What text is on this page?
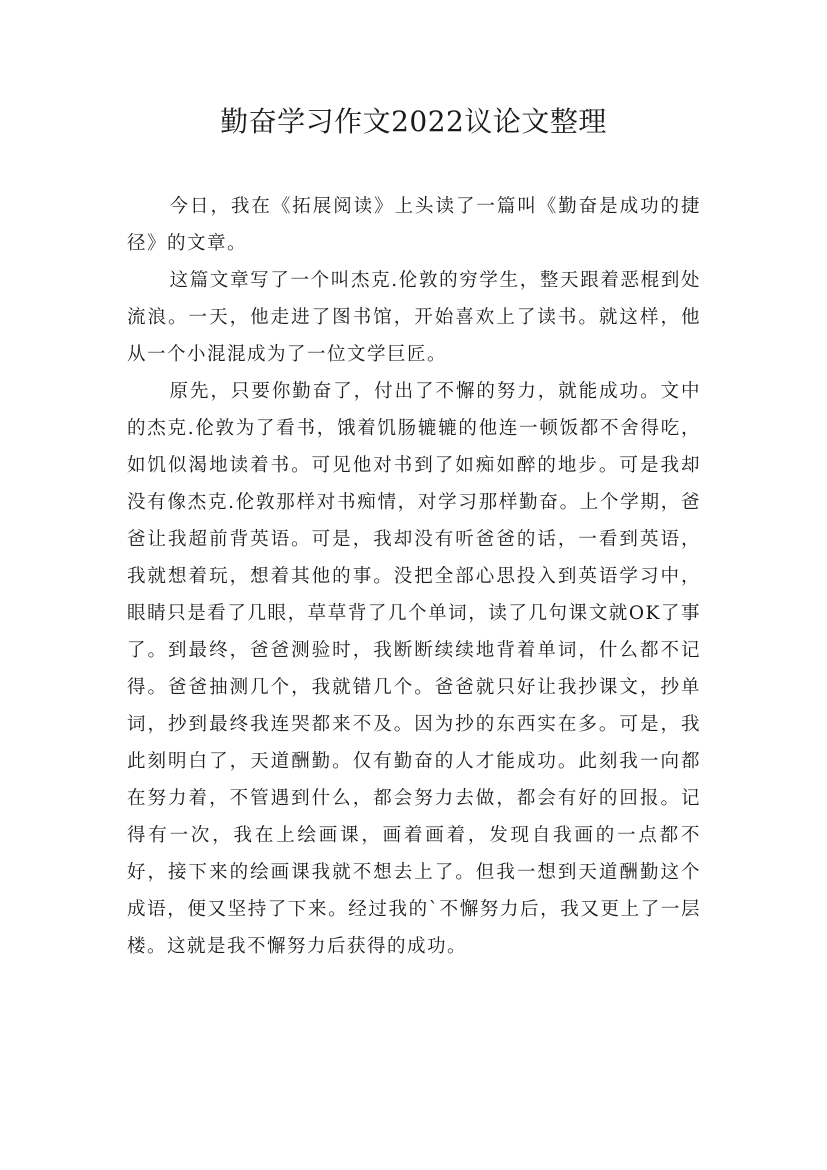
勤奋学习作文2022议论文整理

今日，我在《拓展阅读》上头读了一篇叫《勤奋是成功的捷径》的文章。

这篇文章写了一个叫杰克.伦敦的穷学生，整天跟着恶棍到处流浪。一天，他走进了图书馆，开始喜欢上了读书。就这样，他从一个小混混成为了一位文学巨匠。

原先，只要你勤奋了，付出了不懈的努力，就能成功。文中的杰克.伦敦为了看书，饿着饥肠辘辘的他连一顿饭都不舍得吃，如饥似渴地读着书。可见他对书到了如痴如醉的地步。可是我却没有像杰克.伦敦那样对书痴情，对学习那样勤奋。上个学期，爸爸让我超前背英语。可是，我却没有听爸爸的话，一看到英语，我就想着玩，想着其他的事。没把全部心思投入到英语学习中，眼睛只是看了几眼，草草背了几个单词，读了几句课文就OK了事了。到最终，爸爸测验时，我断断续续地背着单词，什么都不记得。爸爸抽测几个，我就错几个。爸爸就只好让我抄课文，抄单词，抄到最终我连哭都来不及。因为抄的东西实在多。可是，我此刻明白了，天道酬勤。仅有勤奋的人才能成功。此刻我一向都在努力着，不管遇到什么，都会努力去做，都会有好的回报。记得有一次，我在上绘画课，画着画着，发现自我画的一点都不好，接下来的绘画课我就不想去上了。但我一想到天道酬勤这个成语，便又坚持了下来。经过我的`不懈努力后，我又更上了一层楼。这就是我不懈努力后获得的成功。
